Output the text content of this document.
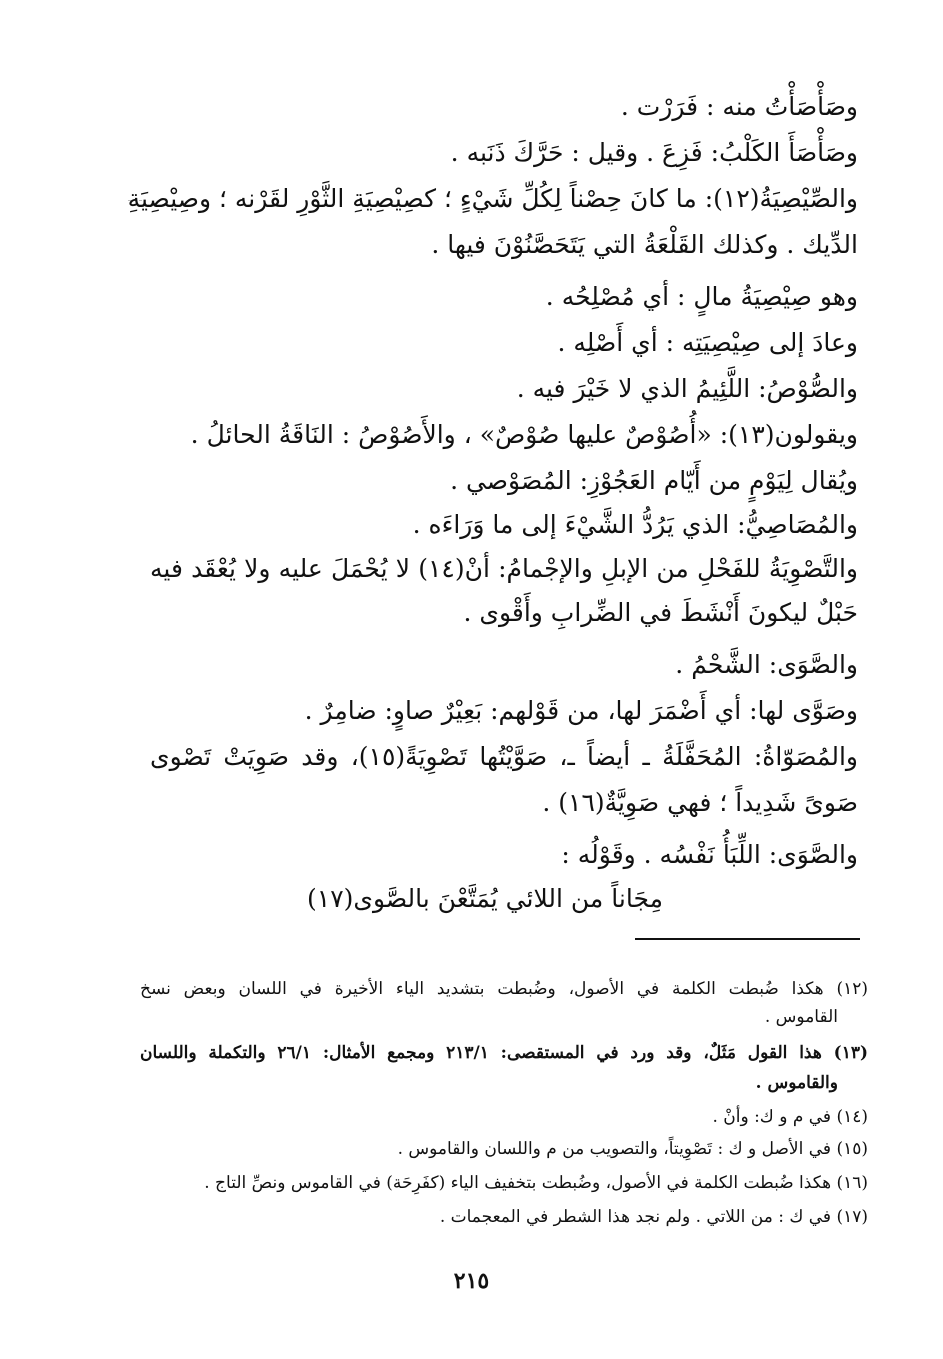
وصَأْصَأْتُ منه : فَرَرْت .
وصَأْصَأَ الكَلْبُ: فَزِعَ . وقيل : حَرَّكَ ذَنَبه .
والصِّيْصِيَةُ(١٢): ما كانَ حِصْناً لِكُلِّ شَيْءٍ ؛ كصِيْصِيَةِ الثَّوْرِ لقَرْنه ؛ وصِيْصِيَةِ
الدِّيك . وكذلك القَلْعَةُ التي يَتَحَصَّنُوْنَ فيها .
وهو صِيْصِيَةُ مالٍ : أي مُصْلِحُه .
وعادَ إلى صِيْصِيَتِه : أي أَصْلِه .
والصُّوْصُ: اللَّئِيمُ الذي لا خَيْرَ فيه .
ويقولون(١٣): «أُصُوْصٌ عليها صُوْصٌ» ، والأَصُوْصُ : النَاقَةُ الحائلُ .
ويُقال لِيَوْمٍ من أَيّام العَجُوْزِ: المُصَوْصي .
والمُصَاصِيُّ: الذي يَرُدُّ الشَّيْءَ إلى ما وَرَاءَه .
والتَّصْوِيَةُ للفَحْلِ من الإبلِ والإجْمامُ: أنْ(١٤) لا يُحْمَلَ عليه ولا يُعْقَد فيه
حَبْلٌ ليكونَ أَنْشَطَ في الضِّرابِ وأَقْوى .
والصَّوَى: الشَّحْمُ .
وصَوَّى لها: أي أَضْمَرَ لها، من قَوْلهم: بَعِيْرٌ صاوٍ: ضامِرٌ .
والمُصَوّاةُ: المُحَفَّلَةُ ـ أيضاً ـ، صَوَّيْتُها تَصْوِيَةً(١٥)، وقد صَوِيَتْ تَصْوى
صَوىً شَدِيداً ؛ فهي صَوِيَّةٌ(١٦) .
والصَّوَى: اللِّبَأُ نَفْسُه . وقَوْلُه :
مِجَاناً من اللائي يُمَتَّعْنَ بالصَّوى(١٧)
(١٢) هكذا ضُبطت الكلمة في الأصول، وضُبطت بتشديد الياء الأخيرة في اللسان وبعض نسخ
القاموس .
(١٣) هذا القول مَثَلٌ، وقد ورد في المستقصى: ٢١٣/١ ومجمع الأمثال: ٢٦/١ والتكملة واللسان
والقاموس .
(١٤) في م و ك: وأنْ .
(١٥) في الأصل و ك : تَصْوِيتاً، والتصويب من م واللسان والقاموس .
(١٦) هكذا ضُبطت الكلمة في الأصول، وضُبطت بتخفيف الياء (كفَرِحَة) في القاموس ونصِّ التاج .
(١٧) في ك : من اللاتي . ولم نجد هذا الشطر في المعجمات .
٢١٥
